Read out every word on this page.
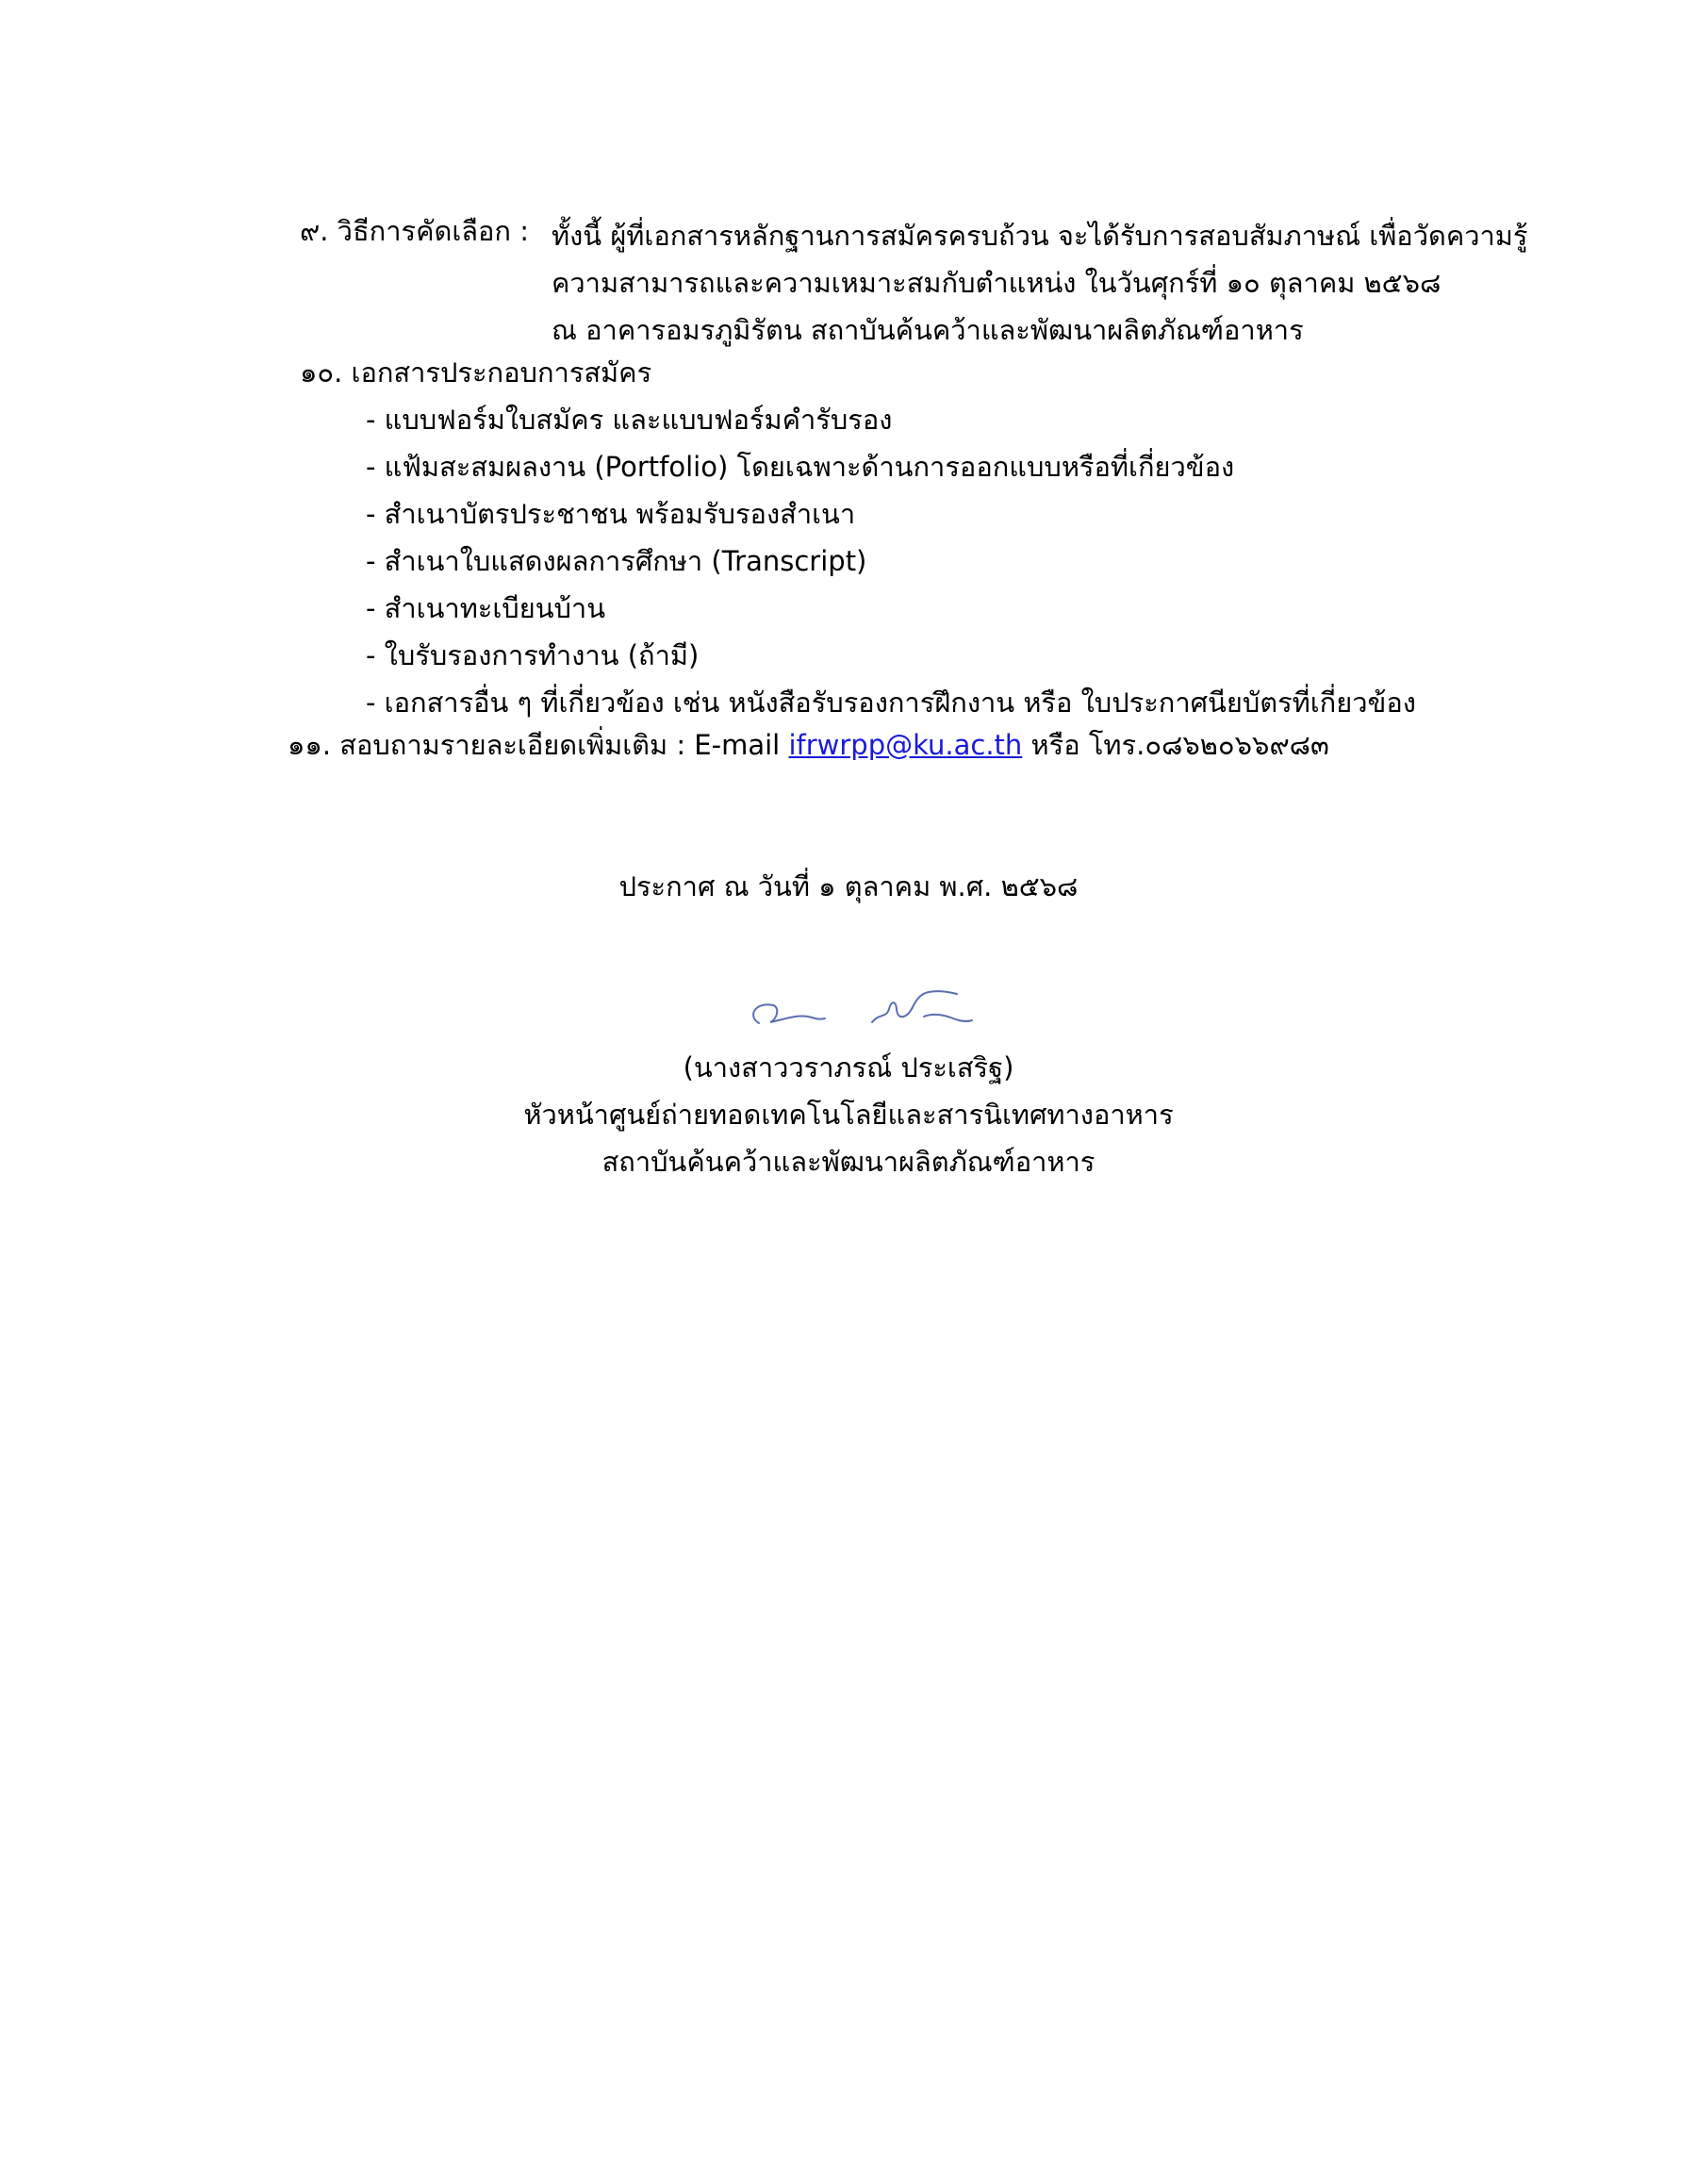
๙. วิธีการคัดเลือก : ทั้งนี้ ผู้ที่เอกสารหลักฐานการสมัครครบถ้วน จะได้รับการสอบสัมภาษณ์ เพื่อวัดความรู้
ความสามารถและความเหมาะสมกับตำแหน่ง ในวันศุกร์ที่ ๑๐ ตุลาคม ๒๕๖๘
ณ อาคารอมรภูมิรัตน สถาบันค้นคว้าและพัฒนาผลิตภัณฑ์อาหาร
๑๐. เอกสารประกอบการสมัคร
- แบบฟอร์มใบสมัคร และแบบฟอร์มคำรับรอง
- แฟ้มสะสมผลงาน (Portfolio) โดยเฉพาะด้านการออกแบบหรือที่เกี่ยวข้อง
- สำเนาบัตรประชาชน พร้อมรับรองสำเนา
- สำเนาใบแสดงผลการศึกษา (Transcript)
- สำเนาทะเบียนบ้าน
- ใบรับรองการทำงาน (ถ้ามี)
- เอกสารอื่น ๆ ที่เกี่ยวข้อง เช่น หนังสือรับรองการฝึกงาน หรือ ใบประกาศนียบัตรที่เกี่ยวข้อง
๑๑. สอบถามรายละเอียดเพิ่มเติม : E-mail ifrwrpp@ku.ac.th หรือ โทร.๐๘๖๒๐๖๖๙๘๓
ประกาศ ณ วันที่ ๑ ตุลาคม พ.ศ. ๒๕๖๘
(นางสาววราภรณ์ ประเสริฐ)
หัวหน้าศูนย์ถ่ายทอดเทคโนโลยีและสารนิเทศทางอาหาร
สถาบันค้นคว้าและพัฒนาผลิตภัณฑ์อาหาร
